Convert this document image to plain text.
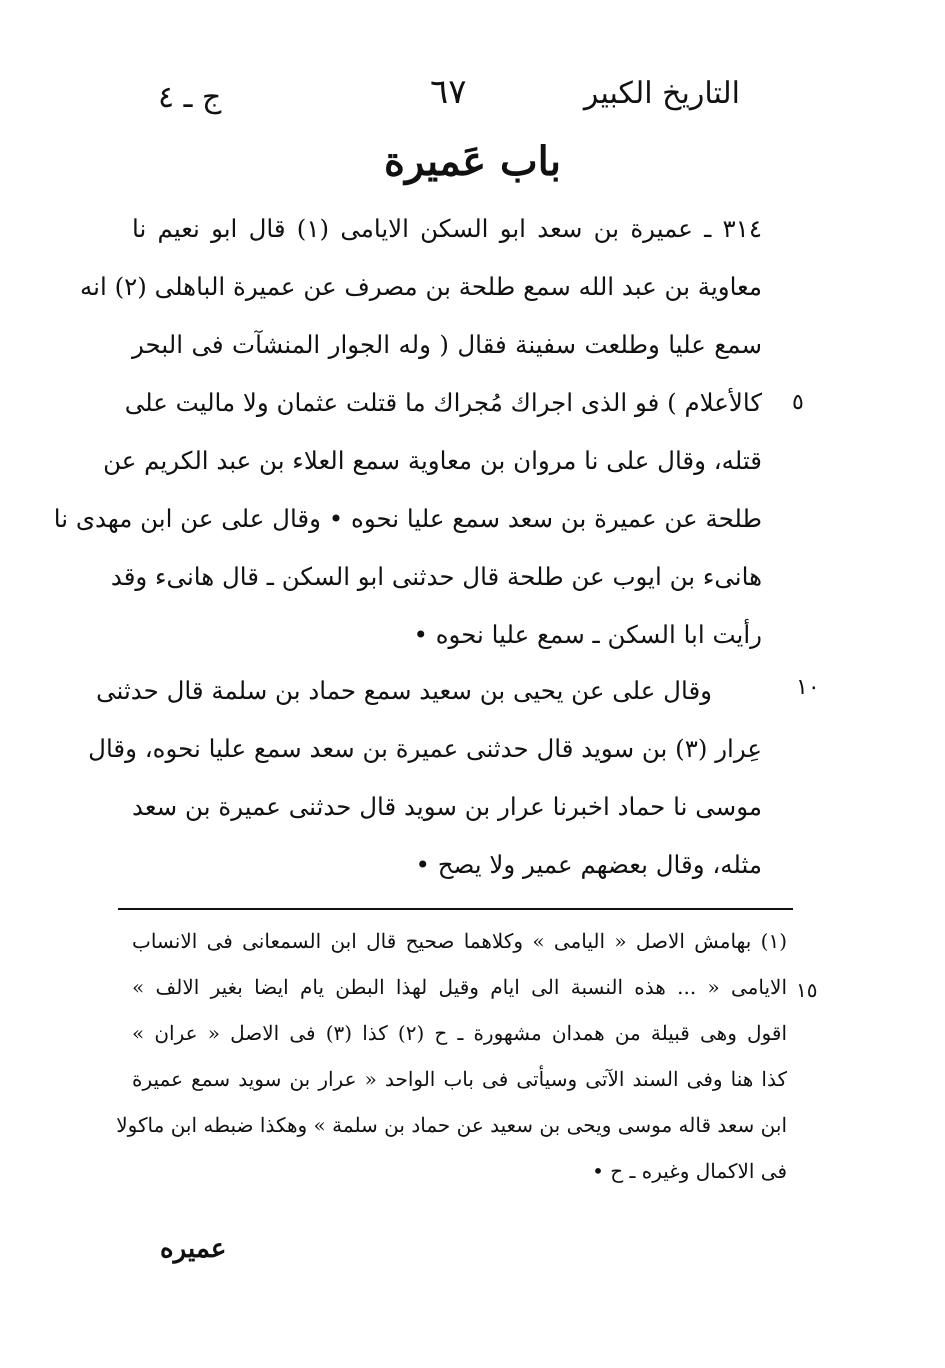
ج ـ ٤	٦٧	التاريخ الكبير
باب عَميرة
٥
١٠
١٥
٣١٤ ـ عميرة بن سعد ابو السكن الايامى (١) قال ابو نعيم نا
معاوية بن عبد الله سمع طلحة بن مصرف عن عميرة الباهلى (٢) انه
سمع عليا وطلعت سفينة فقال ( وله الجوار المنشآت فى البحر
كالأعلام ) فو الذى اجراك مُجراك ما قتلت عثمان ولا ماليت على
قتله، وقال على نا مروان بن معاوية سمع العلاء بن عبد الكريم عن
طلحة عن عميرة بن سعد سمع عليا نحوه • وقال على عن ابن مهدى نا
هانىء بن ايوب عن طلحة قال حدثنى ابو السكن ـ قال هانىء وقد
رأيت ابا السكن ـ سمع عليا نحوه •
وقال على عن يحيى بن سعيد سمع حماد بن سلمة قال حدثنى
عِرار (٣) بن سويد قال حدثنى عميرة بن سعد سمع عليا نحوه، وقال
موسى نا حماد اخبرنا عرار بن سويد قال حدثنى عميرة بن سعد
مثله، وقال بعضهم عمير ولا يصح •
(١) بهامش الاصل « اليامى » وكلاهما صحيح قال ابن السمعانى فى الانساب
الايامى « ... هذه النسبة الى ايام وقيل لهذا البطن يام ايضا بغير الالف »
اقول وهى قبيلة من همدان مشهورة ـ ح (٢) كذا (٣) فى الاصل « عران »
كذا هنا وفى السند الآتى وسيأتى فى باب الواحد « عرار بن سويد سمع عميرة
ابن سعد قاله موسى ويحى بن سعيد عن حماد بن سلمة » وهكذا ضبطه ابن ماكولا
فى الاكمال وغيره ـ ح •
عميره
